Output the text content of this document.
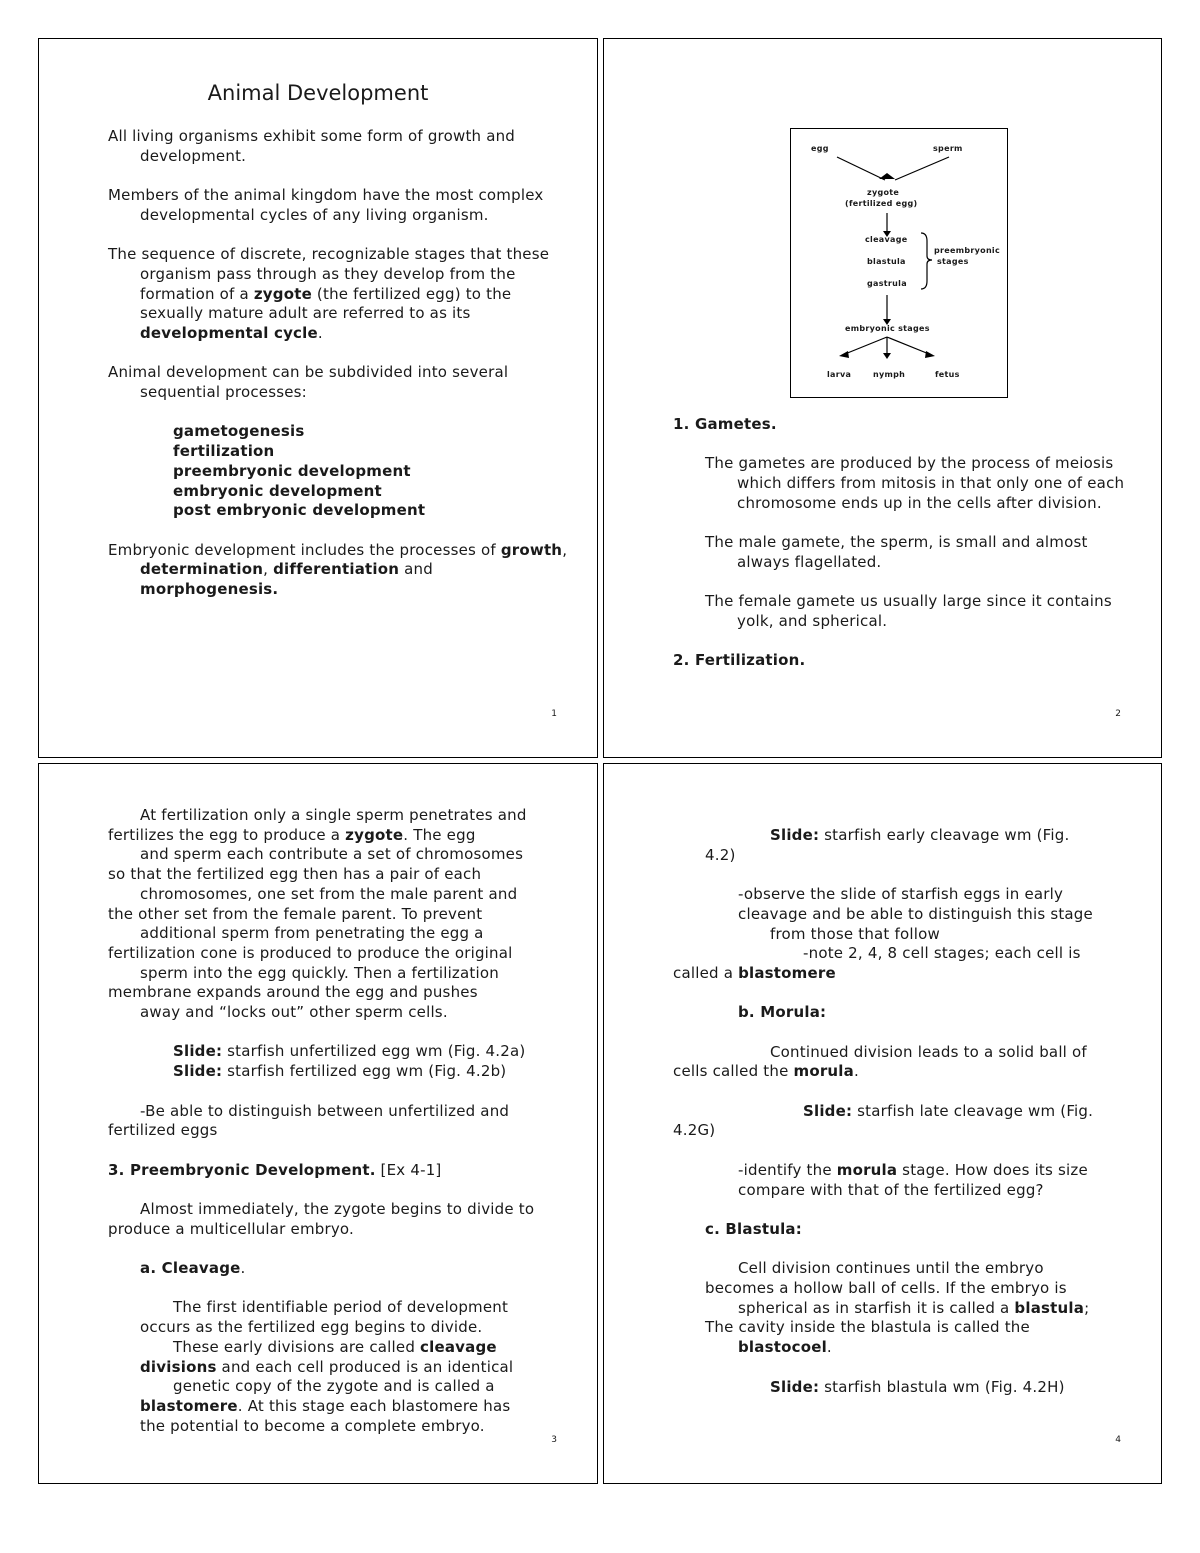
Animal Development

All living organisms exhibit some form of growth and development.

Members of the animal kingdom have the most complex developmental cycles of any living organism.

The sequence of discrete, recognizable stages that these organism pass through as they develop from the formation of a zygote (the fertilized egg) to the sexually mature adult are referred to as its developmental cycle.

Animal development can be subdivided into several sequential processes:

gametogenesis
fertilization
preembryonic development
embryonic development
post embryonic development

Embryonic development includes the processes of growth, determination, differentiation and morphogenesis.

1
egg	sperm
zygote
(fertilized egg)
cleavage
blastula
gastrula
preembryonic
stages
embryonic stages
larva	nymph	fetus

1. Gametes.

The gametes are produced by the process of meiosis which differs from mitosis in that only one of each chromosome ends up in the cells after division.

The male gamete, the sperm, is small and almost always flagellated.

The female gamete us usually large since it contains yolk, and spherical.

2. Fertilization.

2

At fertilization only a single sperm penetrates and

fertilizes the egg to produce a zygote. The egg

and sperm each contribute a set of chromosomes

so that the fertilized egg then has a pair of each

chromosomes, one set from the male parent and

the other set from the female parent. To prevent

additional sperm from penetrating the egg a

fertilization cone is produced to produce the original

sperm into the egg quickly. Then a fertilization

membrane expands around the egg and pushes

away and “locks out” other sperm cells.

Slide: starfish unfertilized egg wm (Fig. 4.2a)

Slide: starfish fertilized egg wm (Fig. 4.2b)

-Be able to distinguish between unfertilized and

fertilized eggs

3. Preembryonic Development. [Ex 4-1]

Almost immediately, the zygote begins to divide to

produce a multicellular embryo.

a. Cleavage.

The first identifiable period of development

occurs as the fertilized egg begins to divide.

These early divisions are called cleavage

divisions and each cell produced is an identical

genetic copy of the zygote and is called a

blastomere. At this stage each blastomere has

the potential to become a complete embryo.

3

Slide: starfish early cleavage wm (Fig.

4.2)

-observe the slide of starfish eggs in early

cleavage and be able to distinguish this stage

from those that follow

-note 2, 4, 8 cell stages; each cell is

called a blastomere

b. Morula:

Continued division leads to a solid ball of

cells called the morula.

Slide: starfish late cleavage wm (Fig.

4.2G)

-identify the morula stage. How does its size

compare with that of the fertilized egg?

c. Blastula:

Cell division continues until the embryo

becomes a hollow ball of cells. If the embryo is

spherical as in starfish it is called a blastula;

The cavity inside the blastula is called the

blastocoel.

Slide: starfish blastula wm (Fig. 4.2H)

4
